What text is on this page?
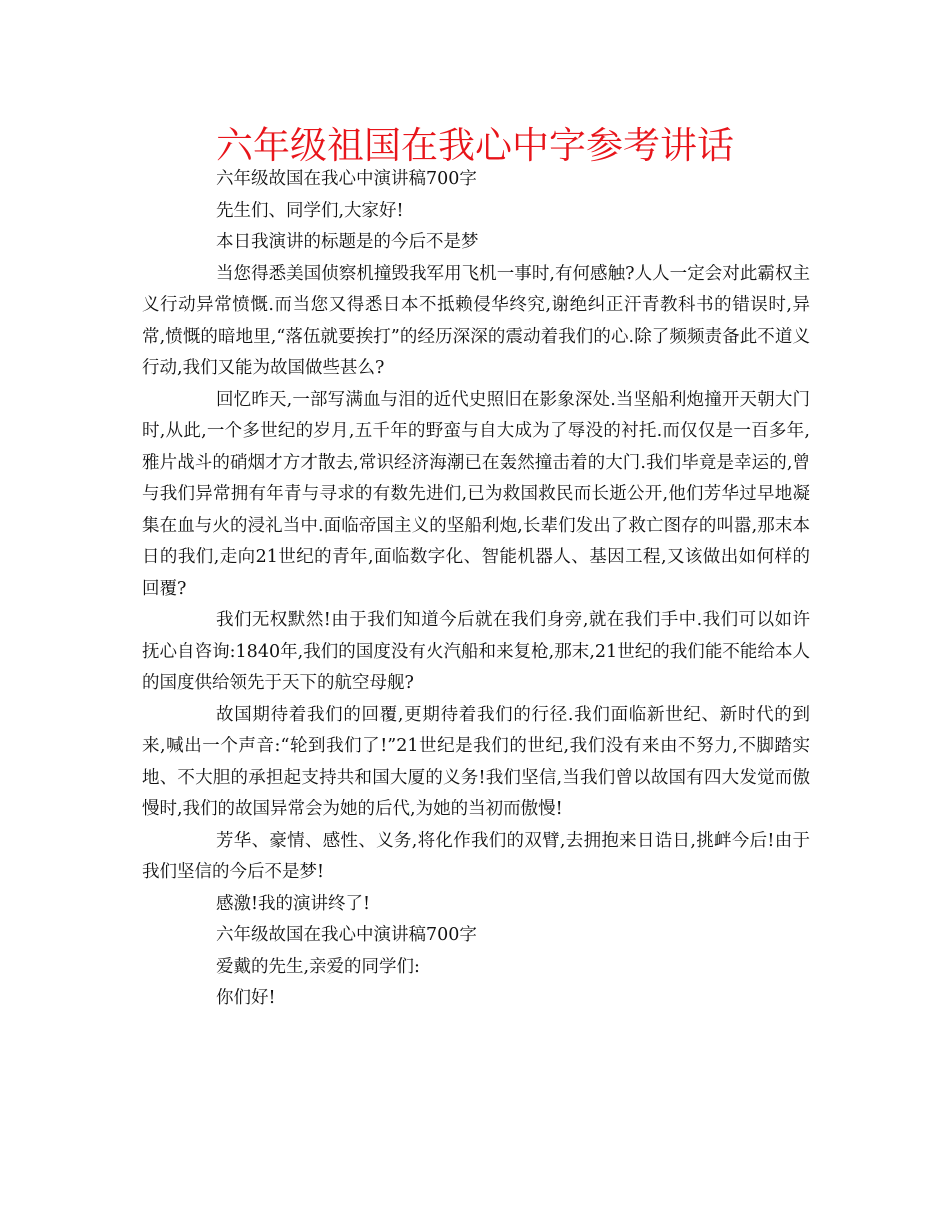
六年级祖国在我心中字参考讲话

六年级故国在我心中演讲稿700字

先生们、同学们,大家好!

本日我演讲的标题是的今后不是梦

当您得悉美国侦察机撞毁我军用飞机一事时,有何感触?人人一定会对此霸权主义行动异常愤慨.而当您又得悉日本不抵赖侵华终究,谢绝纠正汗青教科书的错误时,异常,愤慨的暗地里,“落伍就要挨打”的经历深深的震动着我们的心.除了频频责备此不道义行动,我们又能为故国做些甚么?

回忆昨天,一部写满血与泪的近代史照旧在影象深处.当坚船利炮撞开天朝大门时,从此,一个多世纪的岁月,五千年的野蛮与自大成为了辱没的衬托.而仅仅是一百多年,雅片战斗的硝烟才方才散去,常识经济海潮已在轰然撞击着的大门.我们毕竟是幸运的,曾与我们异常拥有年青与寻求的有数先进们,已为救国救民而长逝公开,他们芳华过早地凝集在血与火的浸礼当中.面临帝国主义的坚船利炮,长辈们发出了救亡图存的叫嚣,那末本日的我们,走向21世纪的青年,面临数字化、智能机器人、基因工程,又该做出如何样的回覆?

我们无权默然!由于我们知道今后就在我们身旁,就在我们手中.我们可以如许抚心自咨询:1840年,我们的国度没有火汽船和来复枪,那末,21世纪的我们能不能给本人的国度供给领先于天下的航空母舰?

故国期待着我们的回覆,更期待着我们的行径.我们面临新世纪、新时代的到来,喊出一个声音:“轮到我们了!”21世纪是我们的世纪,我们没有来由不努力,不脚踏实地、不大胆的承担起支持共和国大厦的义务!我们坚信,当我们曾以故国有四大发觉而傲慢时,我们的故国异常会为她的后代,为她的当初而傲慢!

芳华、豪情、感性、义务,将化作我们的双臂,去拥抱来日诰日,挑衅今后!由于我们坚信的今后不是梦!

感激!我的演讲终了!

六年级故国在我心中演讲稿700字

爱戴的先生,亲爱的同学们:

你们好!
